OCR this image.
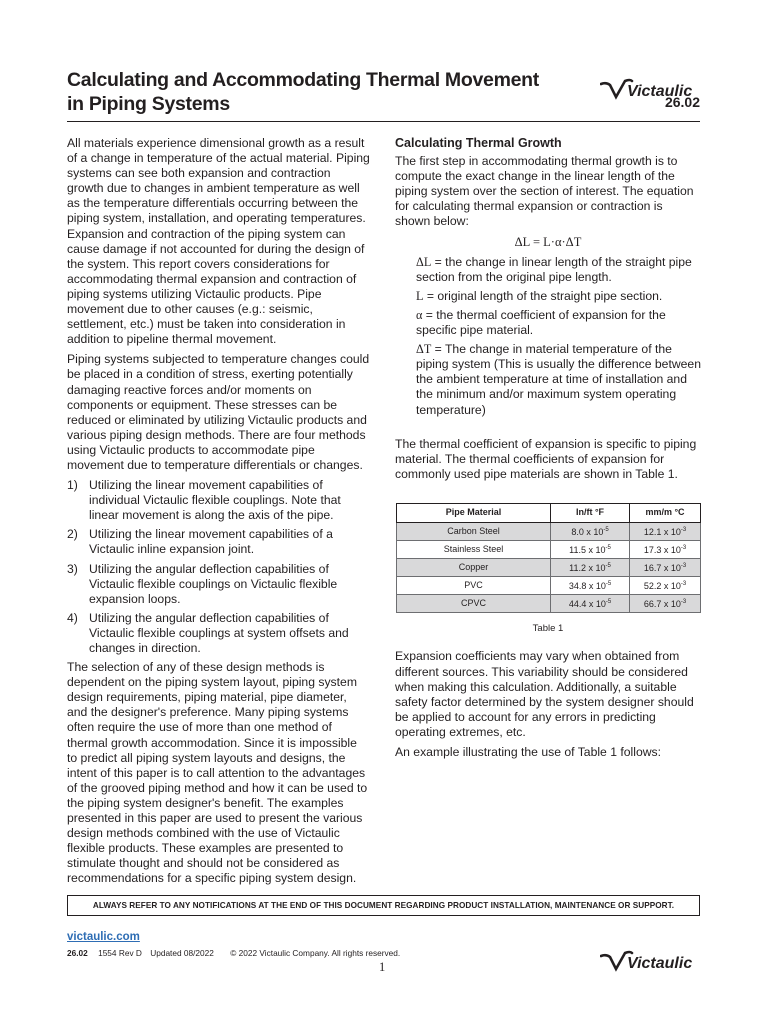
Calculating and Accommodating Thermal Movement
in Piping Systems
Victaulic
26.02

All materials experience dimensional growth as a result of a change in temperature of the actual material. Piping systems can see both expansion and contraction growth due to changes in ambient temperature as well as the temperature differentials occurring between the piping system, installation, and operating temperatures. Expansion and contraction of the piping system can cause damage if not accounted for during the design of the system. This report covers considerations for accommodating thermal expansion and contraction of piping systems utilizing Victaulic products. Pipe movement due to other causes (e.g.: seismic, settlement, etc.) must be taken into consideration in addition to pipeline thermal movement.

Piping systems subjected to temperature changes could be placed in a condition of stress, exerting potentially damaging reactive forces and/or moments on components or equipment. These stresses can be reduced or eliminated by utilizing Victaulic products and various piping design methods. There are four methods using Victaulic products to accommodate pipe movement due to temperature differentials or changes.

1) Utilizing the linear movement capabilities of individual Victaulic flexible couplings. Note that linear movement is along the axis of the pipe.
2) Utilizing the linear movement capabilities of a Victaulic inline expansion joint.
3) Utilizing the angular deflection capabilities of Victaulic flexible couplings on Victaulic flexible expansion loops.
4) Utilizing the angular deflection capabilities of Victaulic flexible couplings at system offsets and changes in direction.

The selection of any of these design methods is dependent on the piping system layout, piping system design requirements, piping material, pipe diameter, and the designer's preference. Many piping systems often require the use of more than one method of thermal growth accommodation. Since it is impossible to predict all piping system layouts and designs, the intent of this paper is to call attention to the advantages of the grooved piping method and how it can be used to the piping system designer's benefit. The examples presented in this paper are used to present the various design methods combined with the use of Victaulic flexible products. These examples are presented to stimulate thought and should not be considered as recommendations for a specific piping system design.

Calculating Thermal Growth

The first step in accommodating thermal growth is to compute the exact change in the linear length of the piping system over the section of interest. The equation for calculating thermal expansion or contraction is shown below:

ΔL = L·α·ΔT

ΔL = the change in linear length of the straight pipe section from the original pipe length.

L = original length of the straight pipe section.

α = the thermal coefficient of expansion for the specific pipe material.

ΔT = The change in material temperature of the piping system (This is usually the difference between the ambient temperature at time of installation and the minimum and/or maximum system operating temperature)

The thermal coefficient of expansion is specific to piping material. The thermal coefficients of expansion for commonly used pipe materials are shown in Table 1.

Pipe Material	In/ft °F	mm/m °C
Carbon Steel	8.0 x $10^{-5}$	12.1 x $10^{-3}$
Stainless Steel	11.5 x $10^{-5}$	17.3 x $10^{-3}$
Copper	11.2 x $10^{-5}$	16.7 x $10^{-3}$
PVC	34.8 x $10^{-5}$	52.2 x $10^{-3}$
CPVC	44.4 x $10^{-5}$	66.7 x $10^{-3}$
Table 1

Expansion coefficients may vary when obtained from different sources. This variability should be considered when making this calculation. Additionally, a suitable safety factor determined by the system designer should be applied to account for any errors in predicting operating extremes, etc.

An example illustrating the use of Table 1 follows:

ALWAYS REFER TO ANY NOTIFICATIONS AT THE END OF THIS DOCUMENT REGARDING PRODUCT INSTALLATION, MAINTENANCE OR SUPPORT.
victaulic.com
26.02 1554 Rev D Updated 08/2022 © 2022 Victaulic Company. All rights reserved.
1	Victaulic
